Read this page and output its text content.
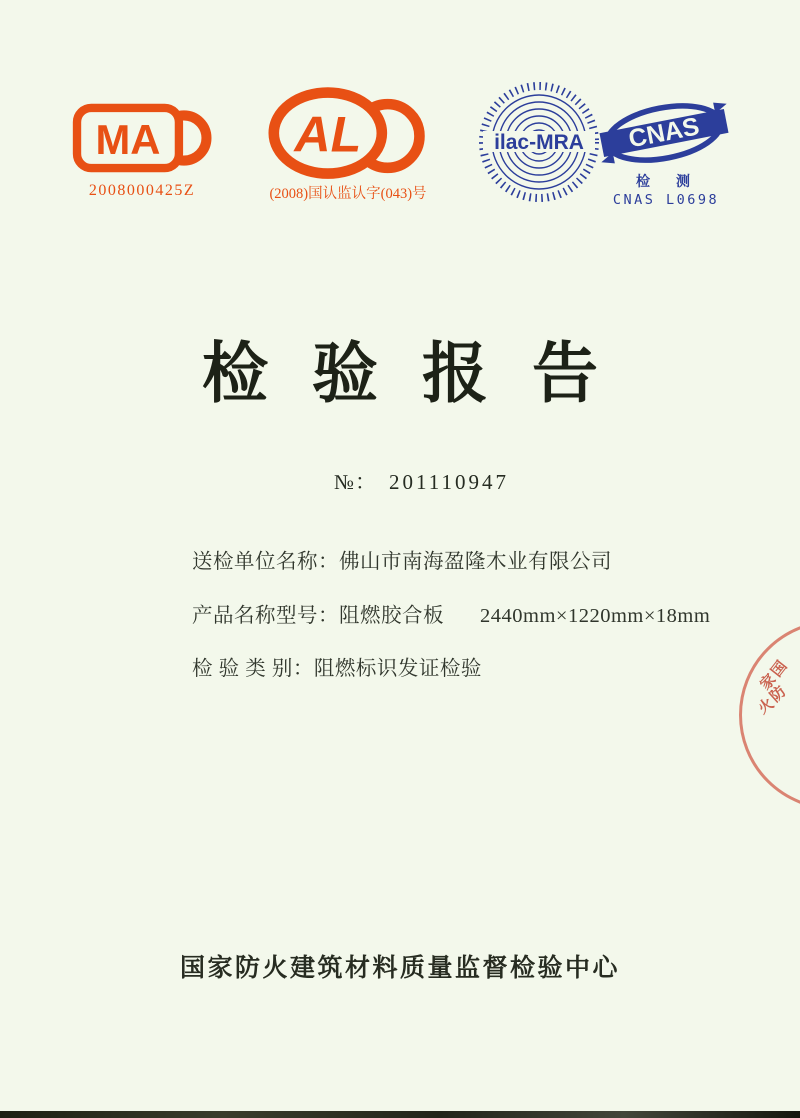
MA
2008000425Z
AL
(2008)国认监认字(043)号
ilac-MRA CNAS
检　测
CNAS L0698
检验报告
№： 201110947
送检单位名称：佛山市南海盈隆木业有限公司
产品名称型号：阻燃胶合板 2440mm×1220mm×18mm
检 验 类 别：阻燃标识发证检验	国
家
防
火
国家防火建筑材料质量监督检验中心
